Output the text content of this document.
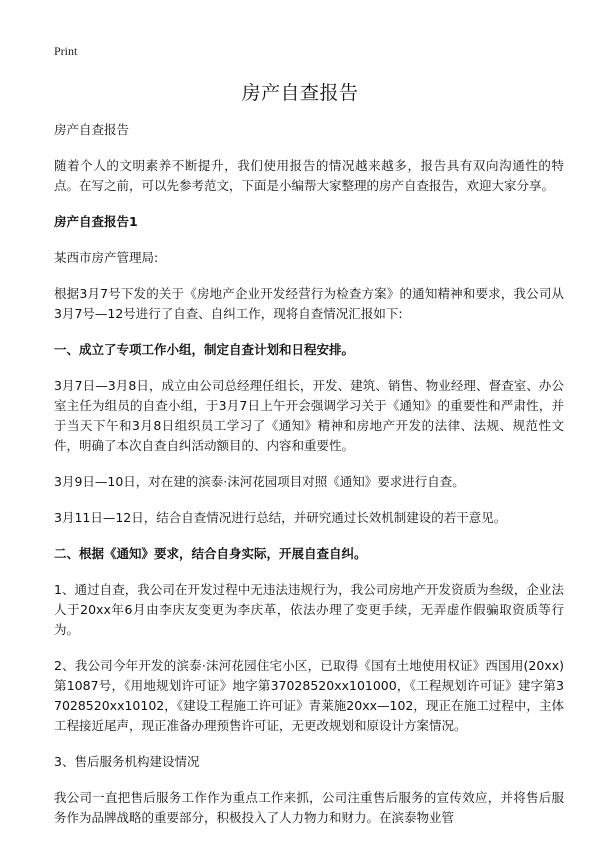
Print
房产自查报告

房产自查报告

随着个人的文明素养不断提升，我们使用报告的情况越来越多，报告具有双向沟通性的特点。在写之前，可以先参考范文，下面是小编帮大家整理的房产自查报告，欢迎大家分享。

房产自查报告1

某西市房产管理局:

根据3月7号下发的关于《房地产企业开发经营行为检查方案》的通知精神和要求，我公司从3月7号—12号进行了自查、自纠工作，现将自查情况汇报如下:

一、成立了专项工作小组，制定自查计划和日程安排。

3月7日—3月8日，成立由公司总经理任组长，开发、建筑、销售、物业经理、督查室、办公室主任为组员的自查小组，于3月7日上午开会强调学习关于《通知》的重要性和严肃性，并于当天下午和3月8日组织员工学习了《通知》精神和房地产开发的法律、法规、规范性文件，明确了本次自查自纠活动额目的、内容和重要性。

3月9日—10日，对在建的滨泰·沫河花园项目对照《通知》要求进行自查。

3月11日—12日，结合自查情况进行总结，并研究通过长效机制建设的若干意见。

二、根据《通知》要求，结合自身实际，开展自查自纠。

1、通过自查，我公司在开发过程中无违法违规行为，我公司房地产开发资质为叁级，企业法人于20xx年6月由李庆友变更为李庆革，依法办理了变更手续，无弄虚作假骗取资质等行为。

2、我公司今年开发的滨泰·沫河花园住宅小区，已取得《国有土地使用权证》西国用(20xx)第1087号，《用地规划许可证》地字第37028520xx101000，《工程规划许可证》建字第37028520xx10102，《建设工程施工许可证》青莱施20xx—102，现正在施工过程中，主体工程接近尾声，现正准备办理预售许可证，无更改规划和原设计方案情况。

3、售后服务机构建设情况

我公司一直把售后服务工作作为重点工作来抓，公司注重售后服务的宣传效应，并将售后服务作为品牌战略的重要部分，积极投入了人力物力和财力。在滨泰物业管
